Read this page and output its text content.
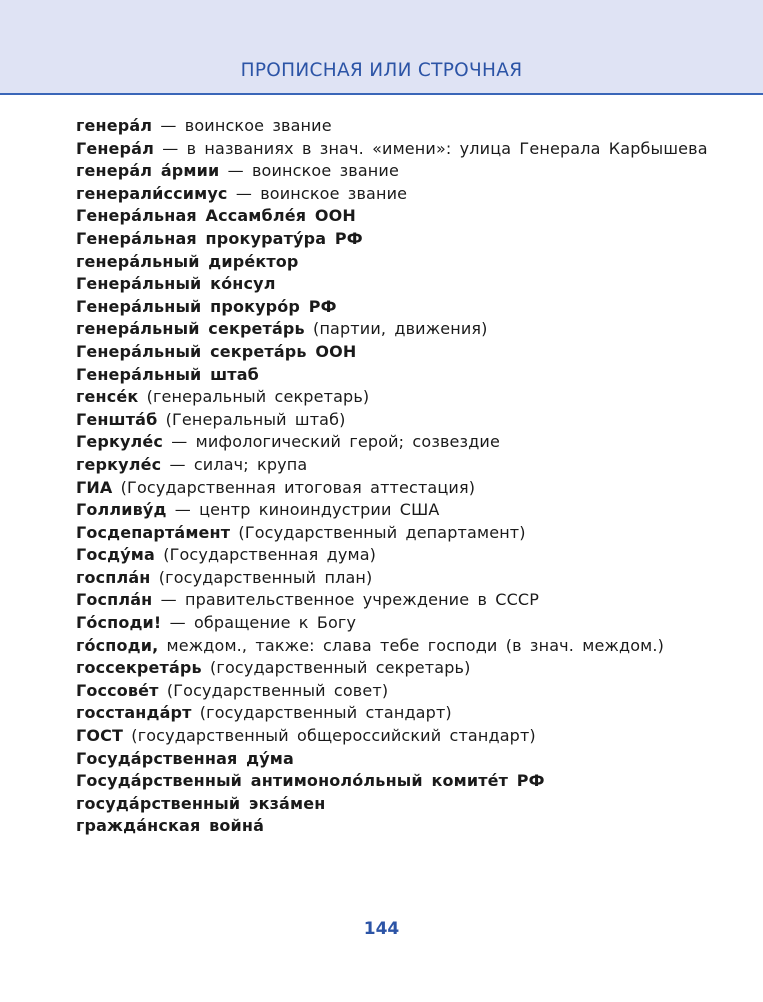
ПРОПИСНАЯ ИЛИ СТРОЧНАЯ
генера́л — воинское звание
Генера́л — в названиях в знач. «имени»: улица Генерала Карбышева
генера́л а́рмии — воинское звание
генерали́ссимус — воинское звание
Генера́льная Ассамбле́я ООН
Генера́льная прокурату́ра РФ
генера́льный дире́ктор
Генера́льный ко́нсул
Генера́льный прокуро́р РФ
генера́льный секрета́рь (партии, движения)
Генера́льный секрета́рь ООН
Генера́льный штаб
генсе́к (генеральный секретарь)
Геншта́б (Генеральный штаб)
Геркуле́с — мифологический герой; созвездие
геркуле́с — силач; крупа
ГИА (Государственная итоговая аттестация)
Голливу́д — центр киноиндустрии США
Госдепарта́мент (Государственный департамент)
Госду́ма (Государственная дума)
госпла́н (государственный план)
Госпла́н — правительственное учреждение в СССР
Го́споди! — обращение к Богу
го́споди, междом., также: слава тебе господи (в знач. междом.)
госсекрета́рь (государственный секретарь)
Госсове́т (Государственный совет)
госстанда́рт (государственный стандарт)
ГОСТ (государственный общероссийский стандарт)
Госуда́рственная ду́ма
Госуда́рственный антимоноло́льный комите́т РФ
госуда́рственный экза́мен
гражда́нская война́
144
